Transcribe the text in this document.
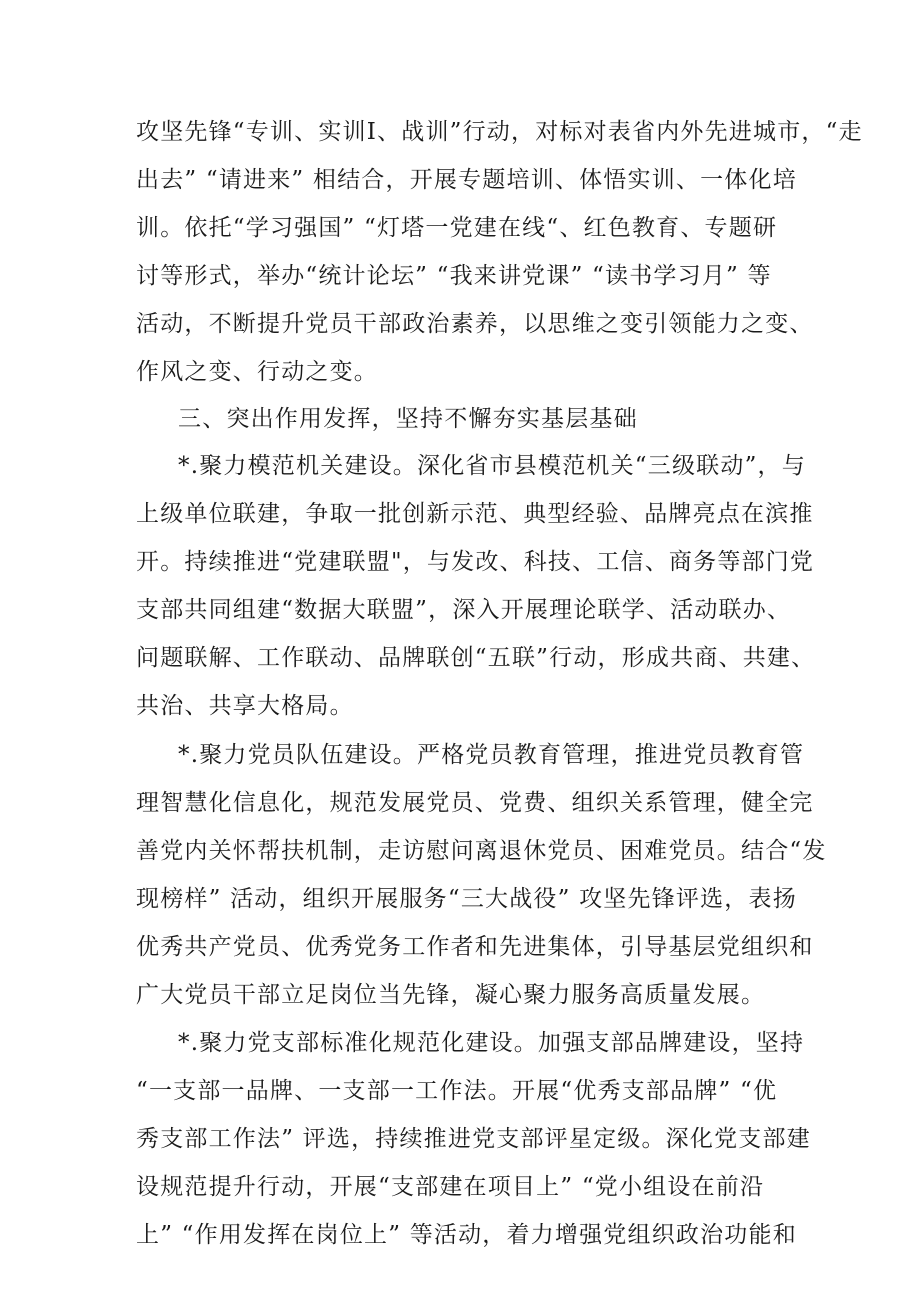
攻坚先锋“专训、实训I、战训”行动，对标对表省内外先进城市，“走
出去” “请进来” 相结合，开展专题培训、体悟实训、一体化培
训。依托“学习强国” “灯塔一党建在线“、红色教育、专题研
讨等形式，举办“统计论坛” “我来讲党课” “读书学习月” 等
活动，不断提升党员干部政治素养，以思维之变引领能力之变、
作风之变、行动之变。
三、突出作用发挥，坚持不懈夯实基层基础
*.聚力模范机关建设。深化省市县模范机关“三级联动”，与
上级单位联建，争取一批创新示范、典型经验、品牌亮点在滨推
开。持续推进“党建联盟"，与发改、科技、工信、商务等部门党
支部共同组建“数据大联盟”，深入开展理论联学、活动联办、
问题联解、工作联动、品牌联创“五联”行动，形成共商、共建、
共治、共享大格局。
*.聚力党员队伍建设。严格党员教育管理，推进党员教育管
理智慧化信息化，规范发展党员、党费、组织关系管理，健全完
善党内关怀帮扶机制，走访慰问离退休党员、困难党员。结合“发
现榜样” 活动，组织开展服务“三大战役” 攻坚先锋评选，表扬
优秀共产党员、优秀党务工作者和先进集体，引导基层党组织和
广大党员干部立足岗位当先锋，凝心聚力服务高质量发展。
*.聚力党支部标准化规范化建设。加强支部品牌建设，坚持
“一支部一品牌、一支部一工作法。开展“优秀支部品牌” “优
秀支部工作法” 评选，持续推进党支部评星定级。深化党支部建
设规范提升行动，开展“支部建在项目上” “党小组设在前沿
上” “作用发挥在岗位上” 等活动，着力增强党组织政治功能和
